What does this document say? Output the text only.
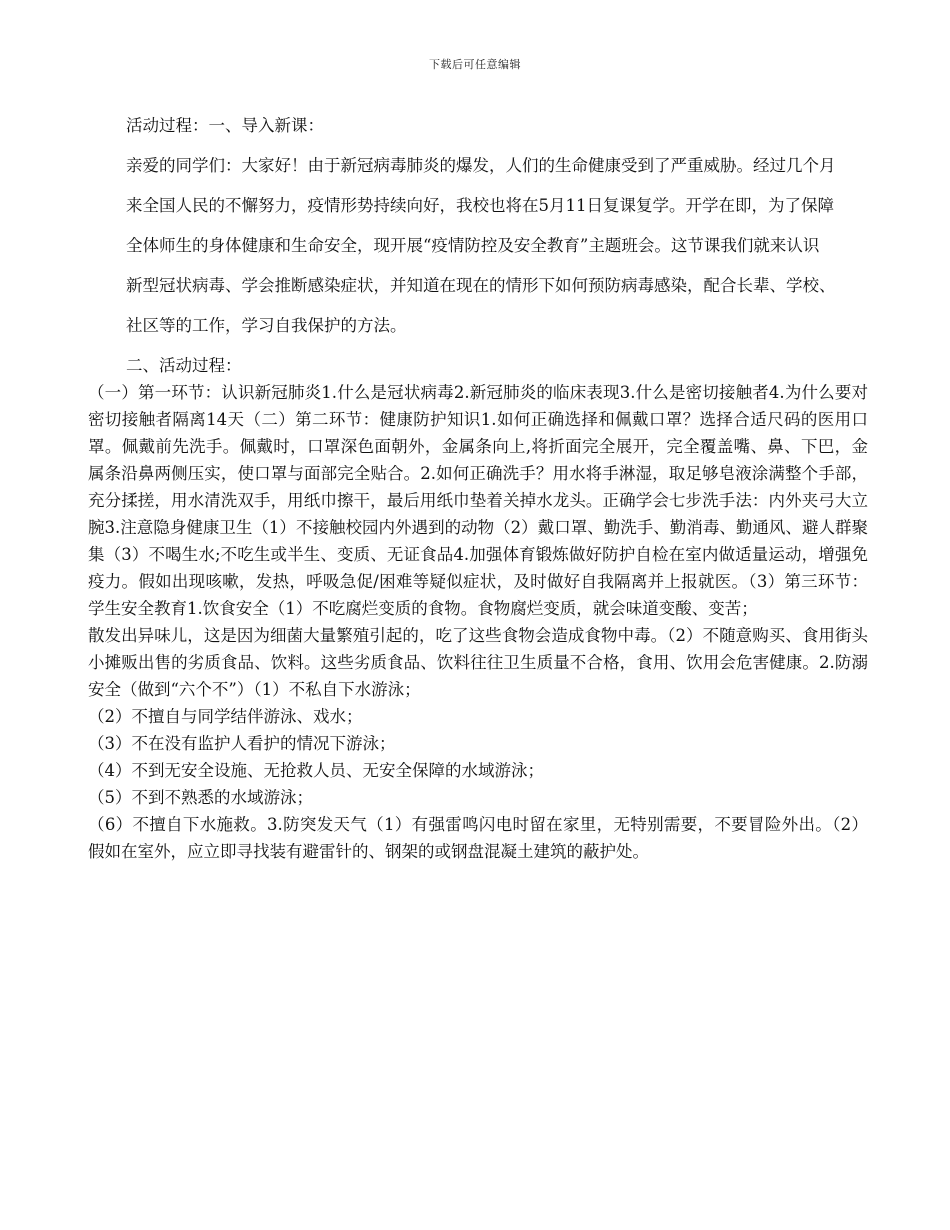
下载后可任意编辑

活动过程：一、导入新课：

亲爱的同学们：大家好！由于新冠病毒肺炎的爆发，人们的生命健康受到了严重威胁。经过几个月

来全国人民的不懈努力，疫情形势持续向好，我校也将在5月11日复课复学。开学在即，为了保障

全体师生的身体健康和生命安全，现开展“疫情防控及安全教育”主题班会。这节课我们就来认识

新型冠状病毒、学会推断感染症状，并知道在现在的情形下如何预防病毒感染，配合长辈、学校、

社区等的工作，学习自我保护的方法。

二、活动过程：

（一）第一环节：认识新冠肺炎1.什么是冠状病毒2.新冠肺炎的临床表现3.什么是密切接触者4.为什么要对密切接触者隔离14天（二）第二环节：健康防护知识1.如何正确选择和佩戴口罩？选择合适尺码的医用口罩。佩戴前先洗手。佩戴时，口罩深色面朝外，金属条向上,将折面完全展开，完全覆盖嘴、鼻、下巴，金属条沿鼻两侧压实，使口罩与面部完全贴合。2.如何正确洗手？用水将手淋湿，取足够皂液涂满整个手部，充分揉搓，用水清洗双手，用纸巾擦干，最后用纸巾垫着关掉水龙头。正确学会七步洗手法：内外夹弓大立腕3.注意隐身健康卫生（1）不接触校园内外遇到的动物（2）戴口罩、勤洗手、勤消毒、勤通风、避人群聚集（3）不喝生水;不吃生或半生、变质、无证食品4.加强体育锻炼做好防护自检在室内做适量运动，增强免疫力。假如出现咳嗽，发热，呼吸急促/困难等疑似症状，及时做好自我隔离并上报就医。（3）第三环节：学生安全教育1.饮食安全（1）不吃腐烂变质的食物。食物腐烂变质，就会味道变酸、变苦；

散发出异味儿，这是因为细菌大量繁殖引起的，吃了这些食物会造成食物中毒。（2）不随意购买、食用街头小摊贩出售的劣质食品、饮料。这些劣质食品、饮料往往卫生质量不合格，食用、饮用会危害健康。2.防溺安全（做到“六个不”）（1）不私自下水游泳；

（2）不擅自与同学结伴游泳、戏水；

（3）不在没有监护人看护的情况下游泳；

（4）不到无安全设施、无抢救人员、无安全保障的水域游泳；

（5）不到不熟悉的水域游泳；

（6）不擅自下水施救。3.防突发天气（1）有强雷鸣闪电时留在家里，无特别需要，不要冒险外出。（2）假如在室外，应立即寻找装有避雷针的、钢架的或钢盘混凝土建筑的蔽护处。
